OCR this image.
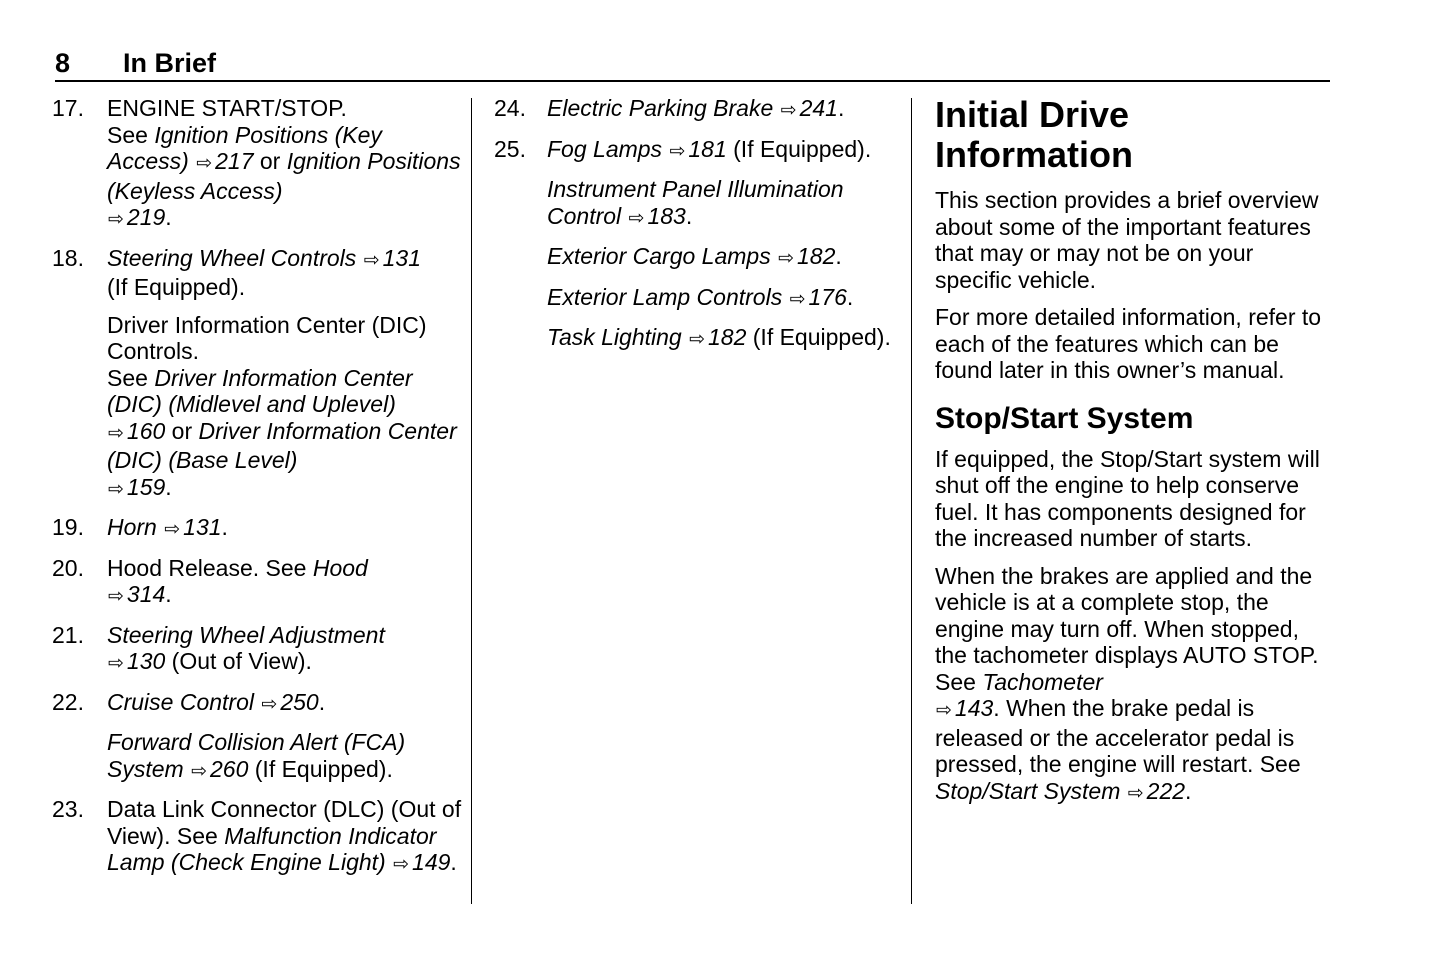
8 In Brief
17.	ENGINE START/STOP.
See Ignition Positions (Key Access) ⇨ 217 or Ignition Positions (Keyless Access)
⇨ 219.
18.	Steering Wheel Controls ⇨ 131
(If Equipped).
Driver Information Center (DIC) Controls.
See Driver Information Center (DIC) (Midlevel and Uplevel)
⇨ 160 or Driver Information Center (DIC) (Base Level)
⇨ 159.
19.	Horn ⇨ 131.
20.	Hood Release. See Hood
⇨ 314.
21.	Steering Wheel Adjustment
⇨ 130 (Out of View).
22.	Cruise Control ⇨ 250.
Forward Collision Alert (FCA) System ⇨ 260 (If Equipped).
23.	Data Link Connector (DLC) (Out of View). See Malfunction Indicator Lamp (Check Engine Light) ⇨ 149.
24. Electric Parking Brake ⇨ 241.
25. Fog Lamps ⇨ 181 (If Equipped).
Instrument Panel Illumination Control ⇨ 183.
Exterior Cargo Lamps ⇨ 182.
Exterior Lamp Controls ⇨ 176.
Task Lighting ⇨ 182 (If Equipped).
Initial Drive Information

This section provides a brief overview about some of the important features that may or may not be on your specific vehicle.

For more detailed information, refer to each of the features which can be found later in this owner’s manual.

Stop/Start System

If equipped, the Stop/Start system will shut off the engine to help conserve fuel. It has components designed for the increased number of starts.

When the brakes are applied and the vehicle is at a complete stop, the engine may turn off. When stopped, the tachometer displays AUTO STOP. See Tachometer
⇨ 143. When the brake pedal is released or the accelerator pedal is pressed, the engine will restart. See Stop/Start System ⇨ 222.
